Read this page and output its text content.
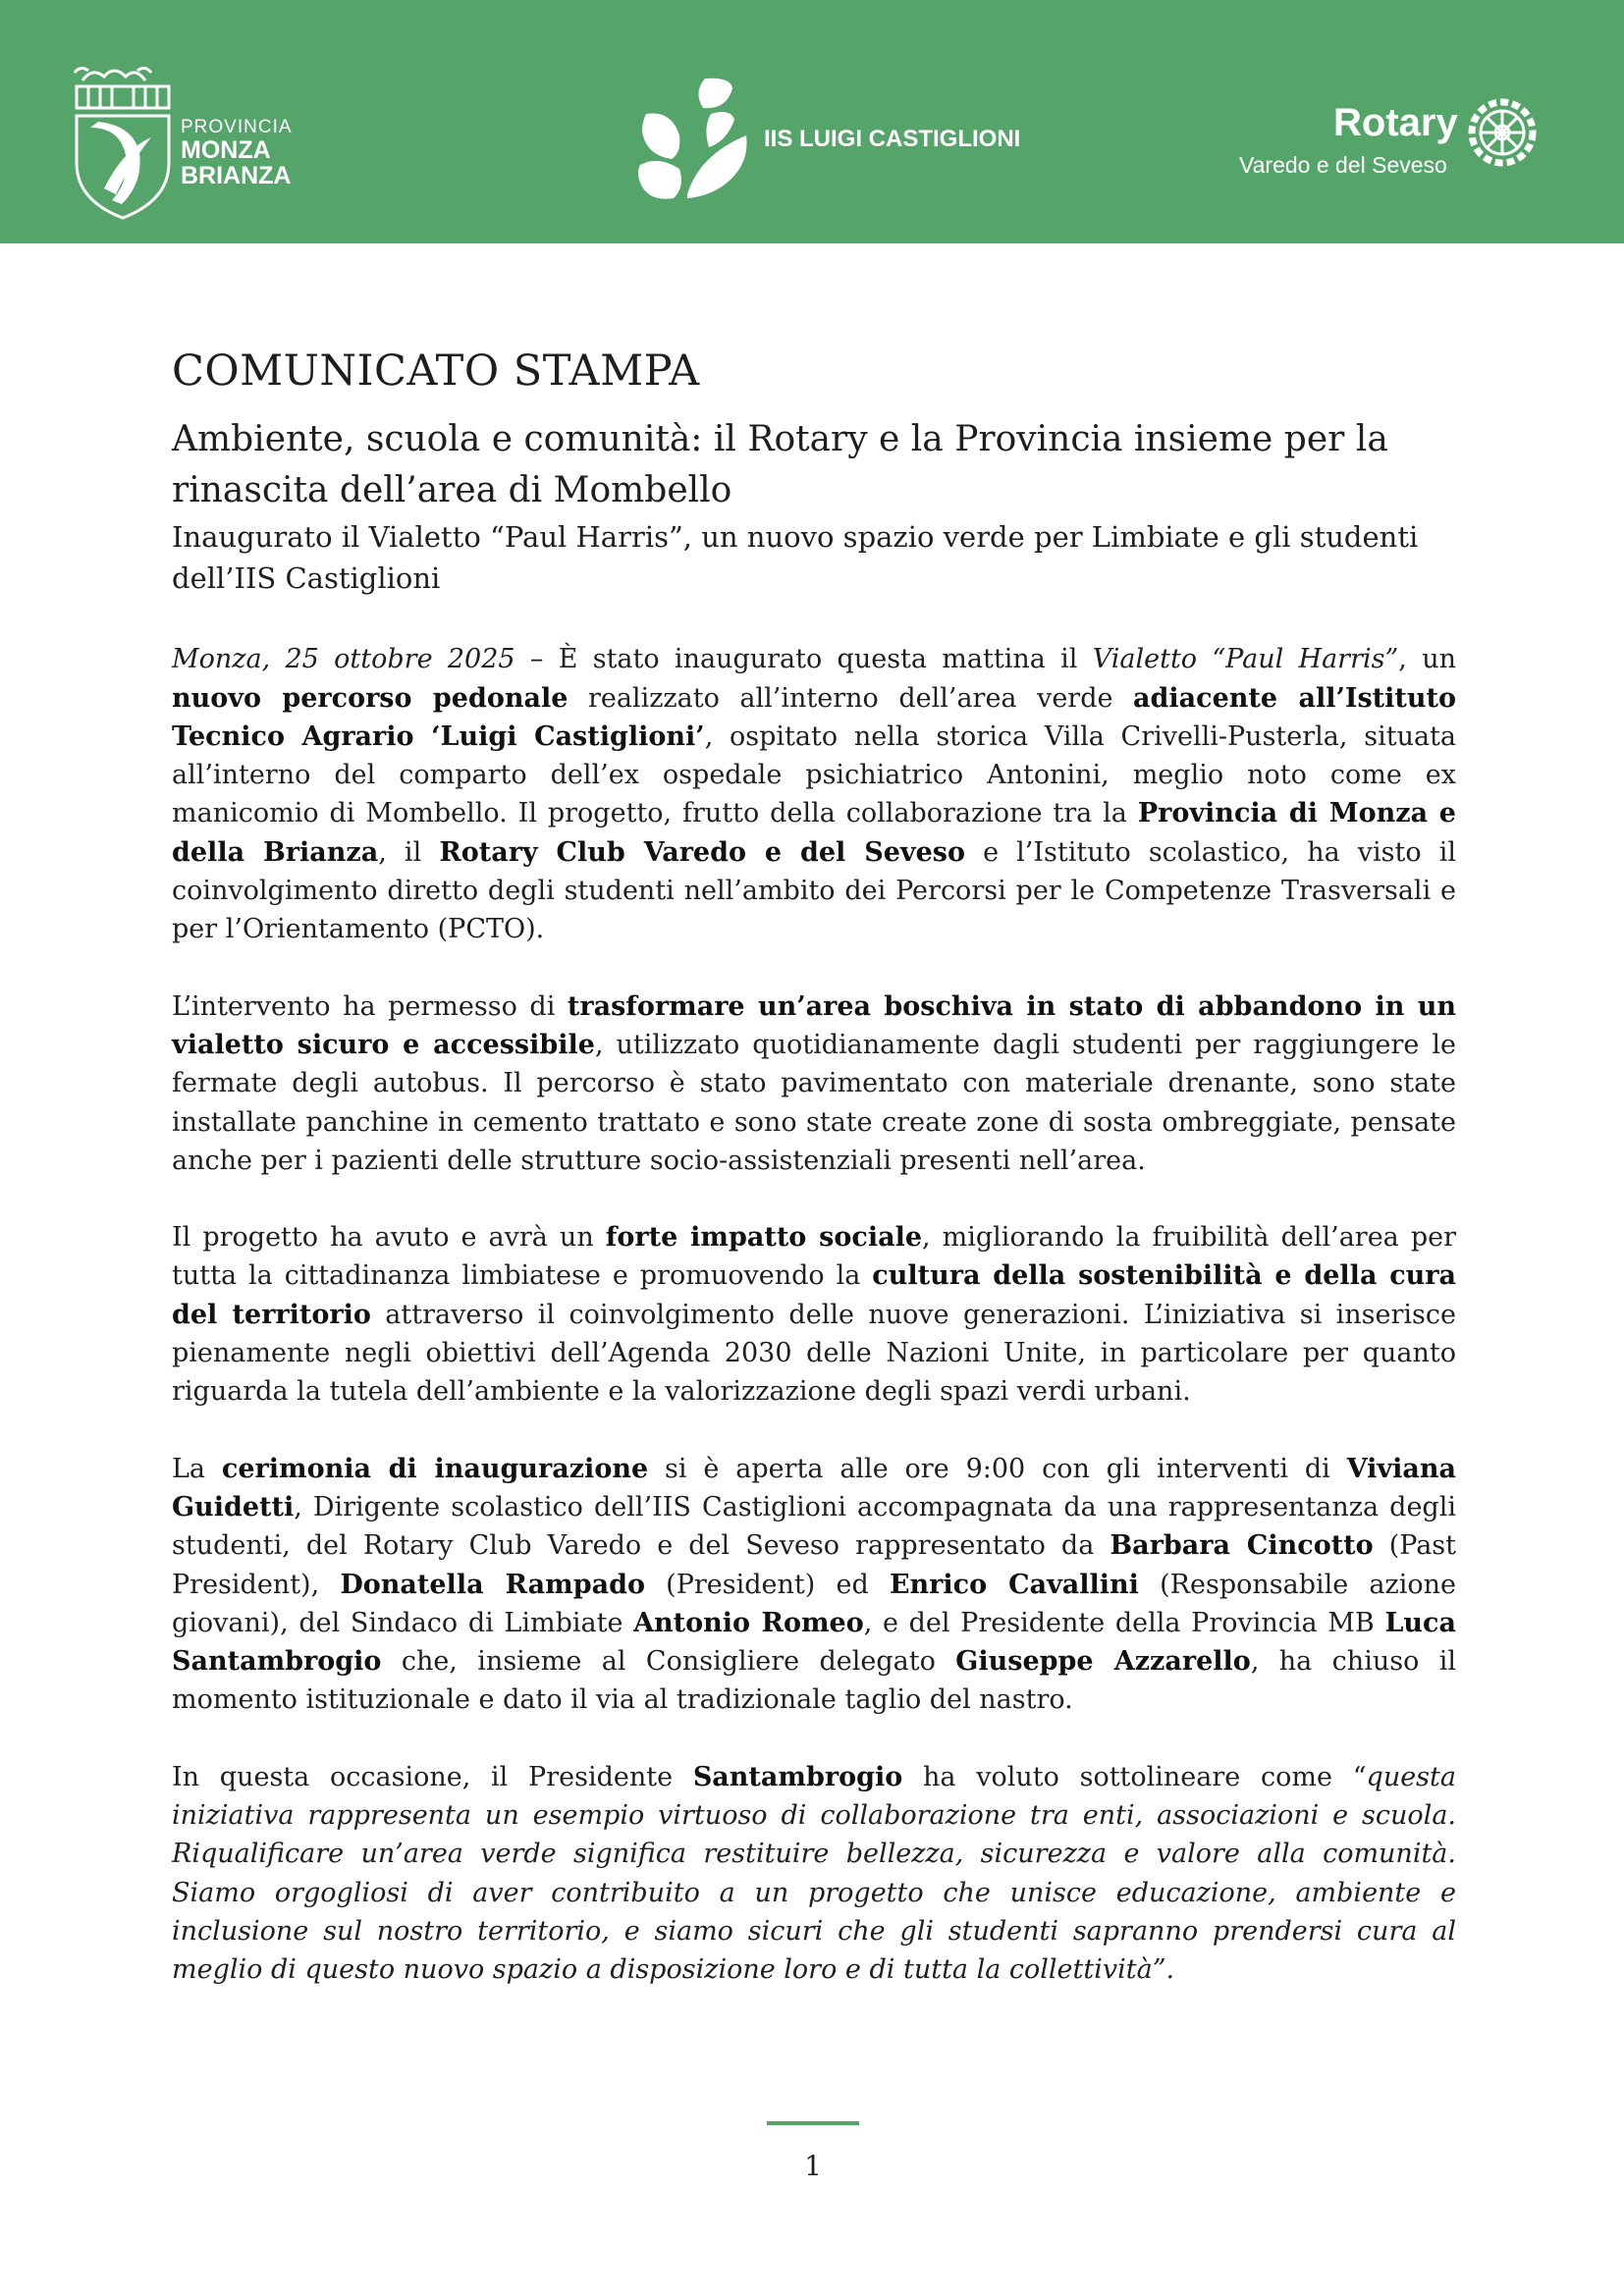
PROVINCIA
MONZA
BRIANZA
IIS LUIGI CASTIGLIONI	Rotary
Varedo e del Seveso
COMUNICATO STAMPA
Ambiente, scuola e comunità: il Rotary e la Provincia insieme per la rinascita dell’area di Mombello

Inaugurato il Vialetto “Paul Harris”, un nuovo spazio verde per Limbiate e gli studenti dell’IIS Castiglioni

Monza, 25 ottobre 2025 – È stato inaugurato questa mattina il Vialetto “Paul Harris”, un nuovo percorso pedonale realizzato all’interno dell’area verde adiacente all’Istituto Tecnico Agrario ‘Luigi Castiglioni’, ospitato nella storica Villa Crivelli-Pusterla, situata all’interno del comparto dell’ex ospedale psichiatrico Antonini, meglio noto come ex manicomio di Mombello. Il progetto, frutto della collaborazione tra la Provincia di Monza e della Brianza, il Rotary Club Varedo e del Seveso e l’Istituto scolastico, ha visto il coinvolgimento diretto degli studenti nell’ambito dei Percorsi per le Competenze Trasversali e per l’Orientamento (PCTO).

L’intervento ha permesso di trasformare un’area boschiva in stato di abbandono in un vialetto sicuro e accessibile, utilizzato quotidianamente dagli studenti per raggiungere le fermate degli autobus. Il percorso è stato pavimentato con materiale drenante, sono state installate panchine in cemento trattato e sono state create zone di sosta ombreggiate, pensate anche per i pazienti delle strutture socio-assistenziali presenti nell’area.

Il progetto ha avuto e avrà un forte impatto sociale, migliorando la fruibilità dell’area per tutta la cittadinanza limbiatese e promuovendo la cultura della sostenibilità e della cura del territorio attraverso il coinvolgimento delle nuove generazioni. L’iniziativa si inserisce pienamente negli obiettivi dell’Agenda 2030 delle Nazioni Unite, in particolare per quanto riguarda la tutela dell’ambiente e la valorizzazione degli spazi verdi urbani.

La cerimonia di inaugurazione si è aperta alle ore 9:00 con gli interventi di Viviana Guidetti, Dirigente scolastico dell’IIS Castiglioni accompagnata da una rappresentanza degli studenti, del Rotary Club Varedo e del Seveso rappresentato da Barbara Cincotto (Past President), Donatella Rampado (President) ed Enrico Cavallini (Responsabile azione giovani), del Sindaco di Limbiate Antonio Romeo, e del Presidente della Provincia MB Luca Santambrogio che, insieme al Consigliere delegato Giuseppe Azzarello, ha chiuso il momento istituzionale e dato il via al tradizionale taglio del nastro.

In questa occasione, il Presidente Santambrogio ha voluto sottolineare come “questa iniziativa rappresenta un esempio virtuoso di collaborazione tra enti, associazioni e scuola. Riqualificare un’area verde significa restituire bellezza, sicurezza e valore alla comunità. Siamo orgogliosi di aver contribuito a un progetto che unisce educazione, ambiente e inclusione sul nostro territorio, e siamo sicuri che gli studenti sapranno prendersi cura al meglio di questo nuovo spazio a disposizione loro e di tutta la collettività”.

1
